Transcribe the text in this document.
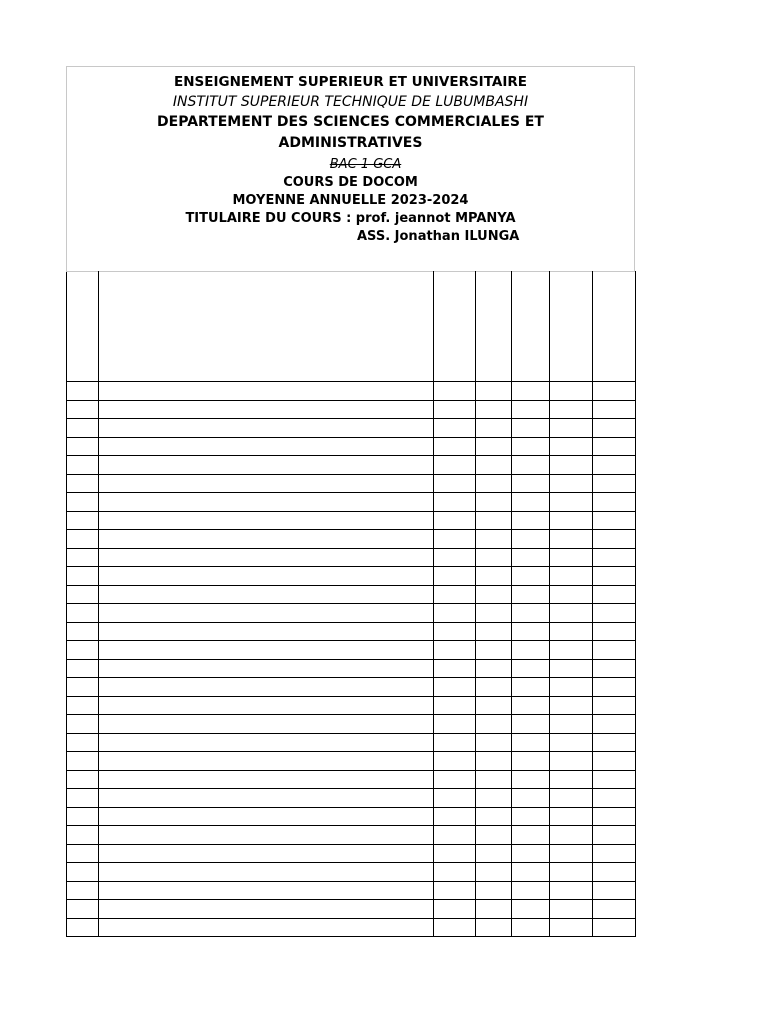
ENSEIGNEMENT SUPERIEUR ET UNIVERSITAIRE
INSTITUT SUPERIEUR TECHNIQUE DE LUBUMBASHI
DEPARTEMENT DES SCIENCES COMMERCIALES ET
ADMINISTRATIVES
BAC 1 GCA
COURS DE DOCOM
MOYENNE ANNUELLE 2023-2024
TITULAIRE DU COURS : prof. jeannot MPANYA
ASS. Jonathan ILUNGA
